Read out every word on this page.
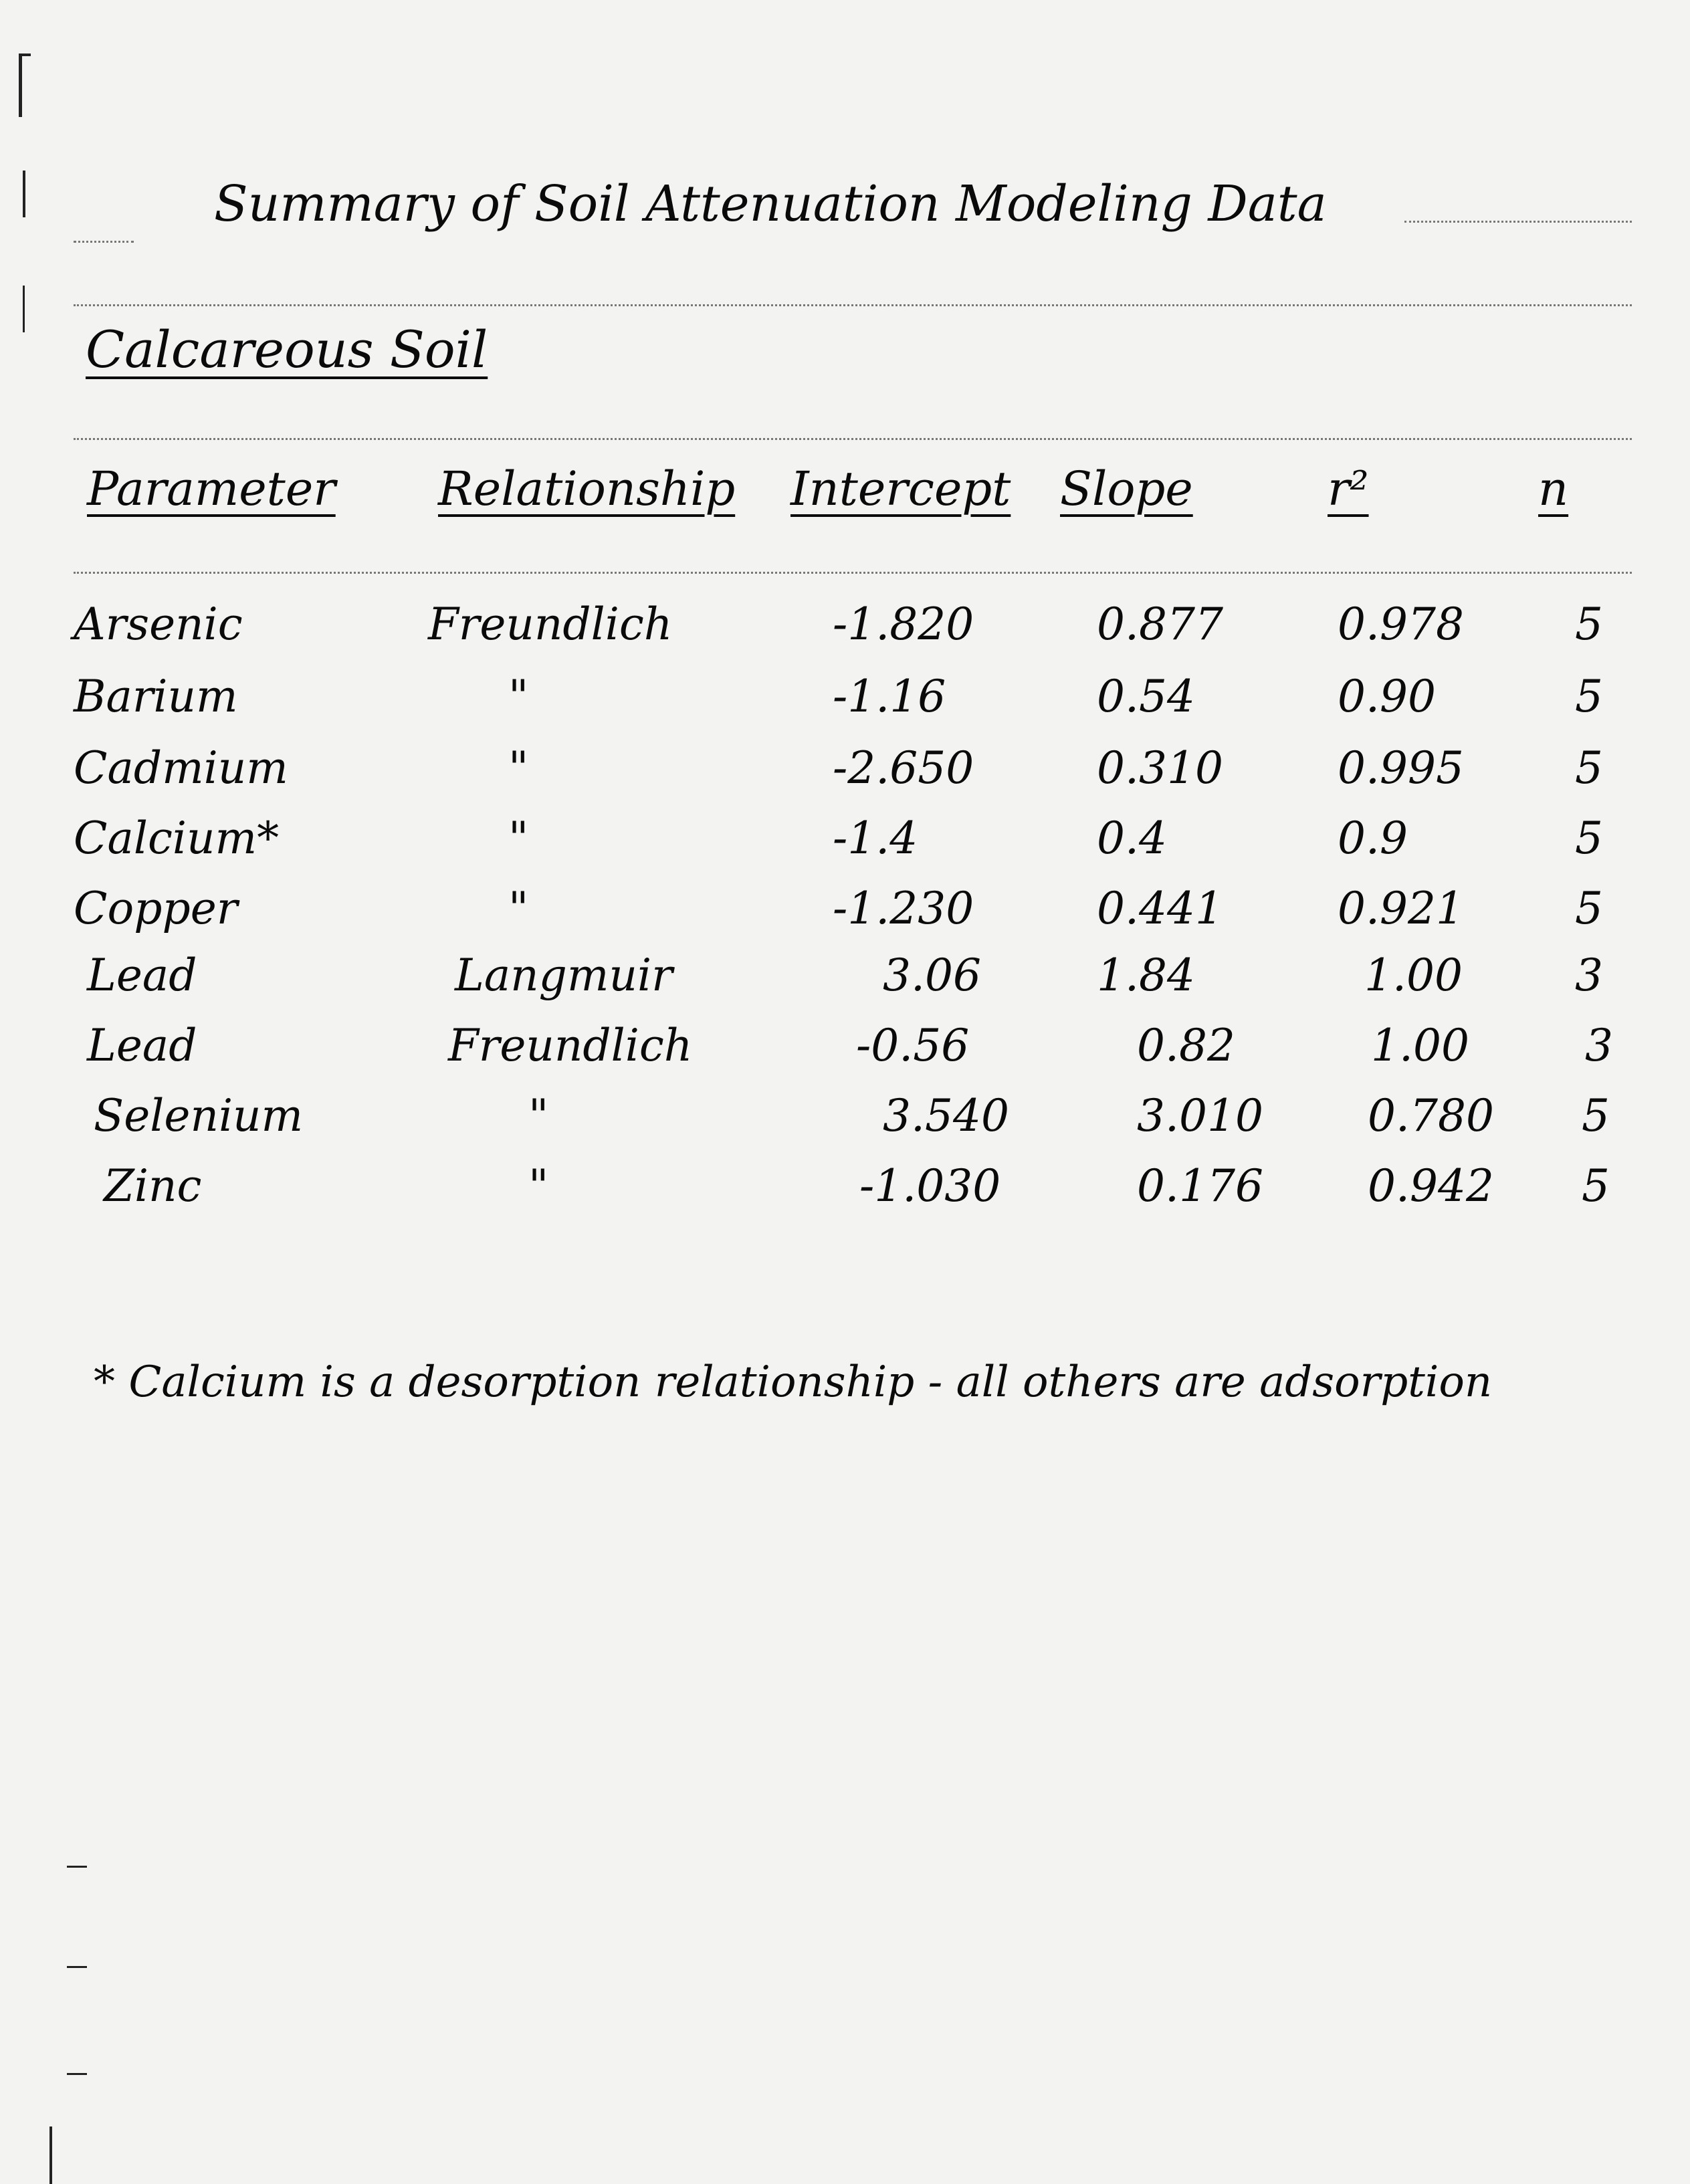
Summary of Soil Attenuation Modeling Data
Calcareous Soil
Parameter Relationship Intercept Slope	r²	n
Arsenic	Freundlich	-1.820	0.877	0.978	5
Barium	"	-1.16	0.54	0.90	5
Cadmium	"	-2.650	0.310	0.995	5
Calcium*	"	-1.4	0.4	0.9	5
Copper	"	-1.230	0.441	0.921	5
Lead	Langmuir	3.06	1.84	1.00	3
Lead	Freundlich	-0.56	0.82	1.00	3
Selenium	"	3.540	3.010 0.780 5
Zinc	"	-1.030	0.176 0.942 5
* Calcium is a desorption relationship - all others are adsorption
